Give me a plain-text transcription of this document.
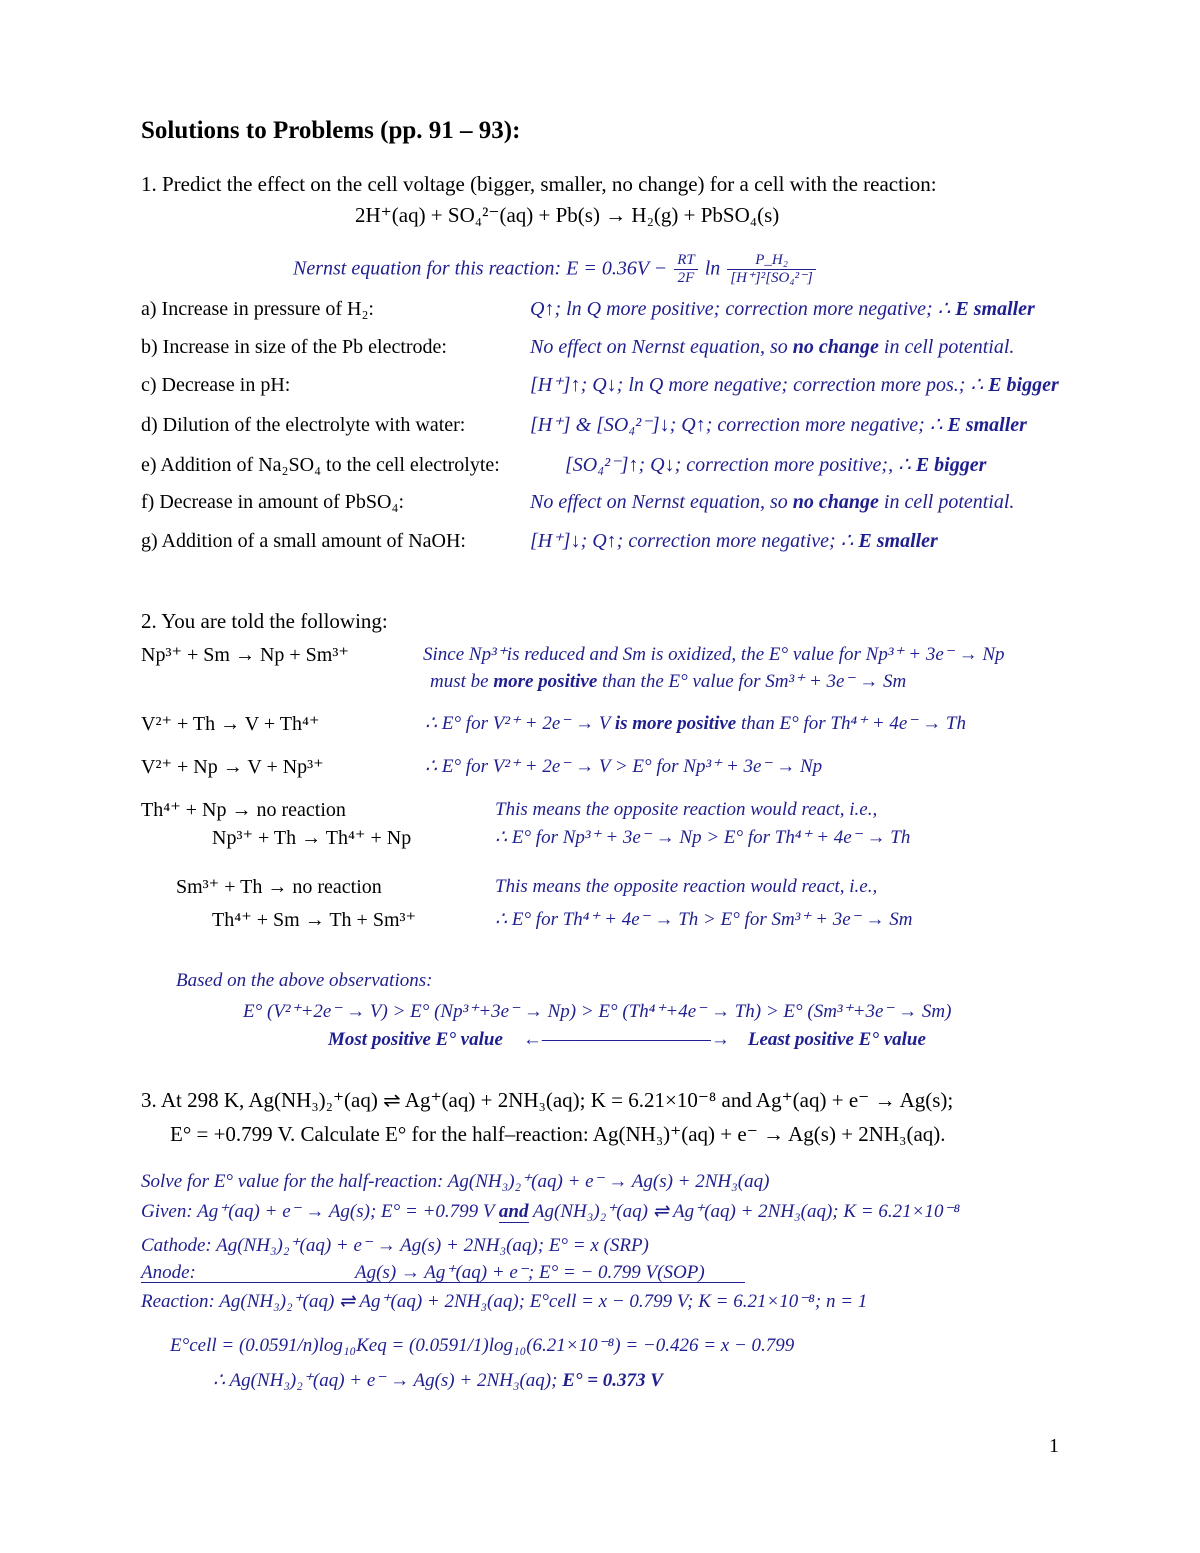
Solutions to Problems (pp. 91 – 93):
1. Predict the effect on the cell voltage (bigger, smaller, no change) for a cell with the reaction:
2H⁺(aq) + SO₄²⁻(aq) + Pb(s) → H₂(g) + PbSO₄(s)
Nernst equation for this reaction: $E = 0.36V - \frac{RT}{2F}$ $\ln \frac{\text{P\_H₂}}{\text{[H⁺]²[SO₄²⁻]}}$
a) Increase in pressure of H₂:	Q↑; ln Q more positive; correction more negative; ∴ E smaller
b) Increase in size of the Pb electrode:	No effect on Nernst equation, so no change in cell potential.
c) Decrease in pH:	[H⁺]↑; Q↓; ln Q more negative; correction more pos.; ∴ E bigger
d) Dilution of the electrolyte with water:	[H⁺] & [SO₄²⁻]↓; Q↑; correction more negative; ∴ E smaller
e) Addition of Na₂SO₄ to the cell electrolyte:	[SO₄²⁻]↑; Q↓; correction more positive;, ∴ E bigger
f) Decrease in amount of PbSO₄:	No effect on Nernst equation, so no change in cell potential.
g) Addition of a small amount of NaOH:	[H⁺]↓; Q↑; correction more negative; ∴ E smaller
2. You are told the following:
Np³⁺ + Sm → Np + Sm³⁺	Since Np³⁺is reduced and Sm is oxidized, the E° value for Np³⁺ + 3e⁻ → Np
must be more positive than the E° value for Sm³⁺ + 3e⁻ → Sm
V²⁺ + Th → V + Th⁴⁺	∴ E° for V²⁺ + 2e⁻ → V is more positive than E° for Th⁴⁺ + 4e⁻ → Th
V²⁺ + Np → V + Np³⁺	∴ E° for V²⁺ + 2e⁻ → V > E° for Np³⁺ + 3e⁻ → Np
Th⁴⁺ + Np → no reaction	This means the opposite reaction would react, i.e.,
Np³⁺ + Th → Th⁴⁺ + Np	∴ E° for Np³⁺ + 3e⁻ → Np > E° for Th⁴⁺ + 4e⁻ → Th
Sm³⁺ + Th → no reaction	This means the opposite reaction would react, i.e.,
Th⁴⁺ + Sm → Th + Sm³⁺	∴ E° for Th⁴⁺ + 4e⁻ → Th > E° for Sm³⁺ + 3e⁻ → Sm
Based on the above observations:
E° (V²⁺+2e⁻ → V) > E° (Np³⁺+3e⁻ → Np) > E° (Th⁴⁺+4e⁻ → Th) > E° (Sm³⁺+3e⁻ → Sm)
Most positive E° value ←——————————→ Least positive E° value
3. At 298 K, Ag(NH₃)₂⁺(aq) ⇌ Ag⁺(aq) + 2NH₃(aq); K = 6.21×10⁻⁸ and Ag⁺(aq) + e⁻ → Ag(s);
E° = +0.799 V. Calculate E° for the half–reaction: Ag(NH₃)⁺(aq) + e⁻ → Ag(s) + 2NH₃(aq).
Solve for E° value for the half-reaction: Ag(NH₃)₂⁺(aq) + e⁻ → Ag(s) + 2NH₃(aq)
Given: Ag⁺(aq) + e⁻ → Ag(s); E° = +0.799 V and Ag(NH₃)₂⁺(aq) ⇌ Ag⁺(aq) + 2NH₃(aq); K = 6.21×10⁻⁸
Cathode: Ag(NH₃)₂⁺(aq) + e⁻ → Ag(s) + 2NH₃(aq); E° = x (SRP)
Anode:	Ag(s) → Ag⁺(aq) + e⁻; E° = − 0.799 V(SOP)
Reaction: Ag(NH₃)₂⁺(aq) ⇌ Ag⁺(aq) + 2NH₃(aq); E°cell = x − 0.799 V; K = 6.21×10⁻⁸; n = 1
E°cell = (0.0591/n)log₁₀Keq = (0.0591/1)log₁₀(6.21×10⁻⁸) = −0.426 = x − 0.799
∴ Ag(NH₃)₂⁺(aq) + e⁻ → Ag(s) + 2NH₃(aq); E° = 0.373 V
1
